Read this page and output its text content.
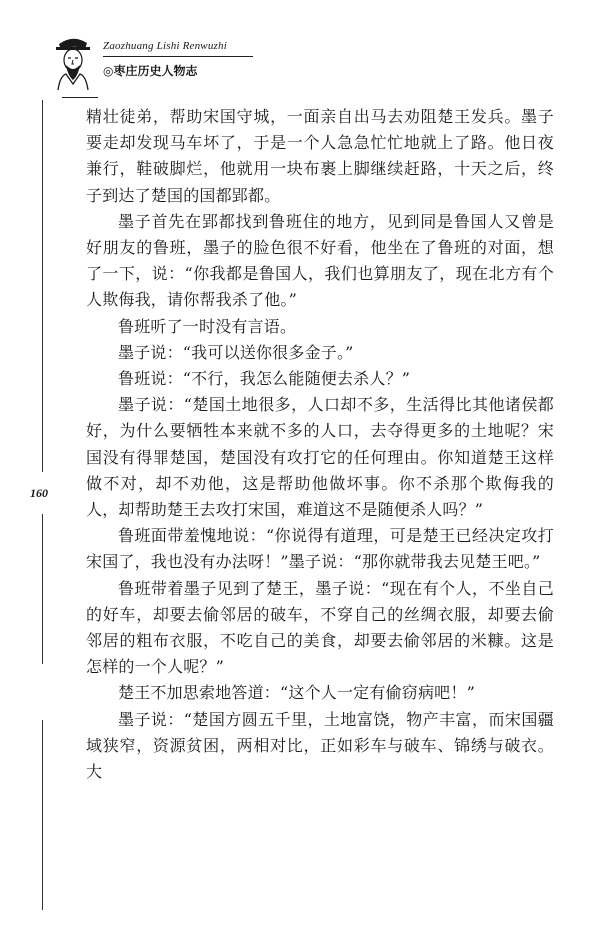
Zaozhuang Lishi Renwuzhi
◎枣庄历史人物志
160

精壮徒弟，帮助宋国守城，一面亲自出马去劝阻楚王发兵。墨子要走却发现马车坏了，于是一个人急急忙忙地就上了路。他日夜兼行，鞋破脚烂，他就用一块布裹上脚继续赶路，十天之后，终子到达了楚国的国都郢都。

墨子首先在郢都找到鲁班住的地方，见到同是鲁国人又曾是好朋友的鲁班，墨子的脸色很不好看，他坐在了鲁班的对面，想了一下，说：“你我都是鲁国人，我们也算朋友了，现在北方有个人欺侮我，请你帮我杀了他。”

鲁班听了一时没有言语。

墨子说：“我可以送你很多金子。”

鲁班说：“不行，我怎么能随便去杀人？”

墨子说：“楚国土地很多，人口却不多，生活得比其他诸侯都好，为什么要牺牲本来就不多的人口，去夺得更多的土地呢？宋国没有得罪楚国，楚国没有攻打它的任何理由。你知道楚王这样做不对，却不劝他，这是帮助他做坏事。你不杀那个欺侮我的人，却帮助楚王去攻打宋国，难道这不是随便杀人吗？”

鲁班面带羞愧地说：“你说得有道理，可是楚王已经决定攻打宋国了，我也没有办法呀！”墨子说：“那你就带我去见楚王吧。”

鲁班带着墨子见到了楚王，墨子说：“现在有个人，不坐自己的好车，却要去偷邻居的破车，不穿自己的丝绸衣服，却要去偷邻居的粗布衣服，不吃自己的美食，却要去偷邻居的米糠。这是怎样的一个人呢？”

楚王不加思索地答道：“这个人一定有偷窃病吧！”

墨子说：“楚国方圆五千里，土地富饶，物产丰富，而宋国疆域狭窄，资源贫困，两相对比，正如彩车与破车、锦绣与破衣。大
